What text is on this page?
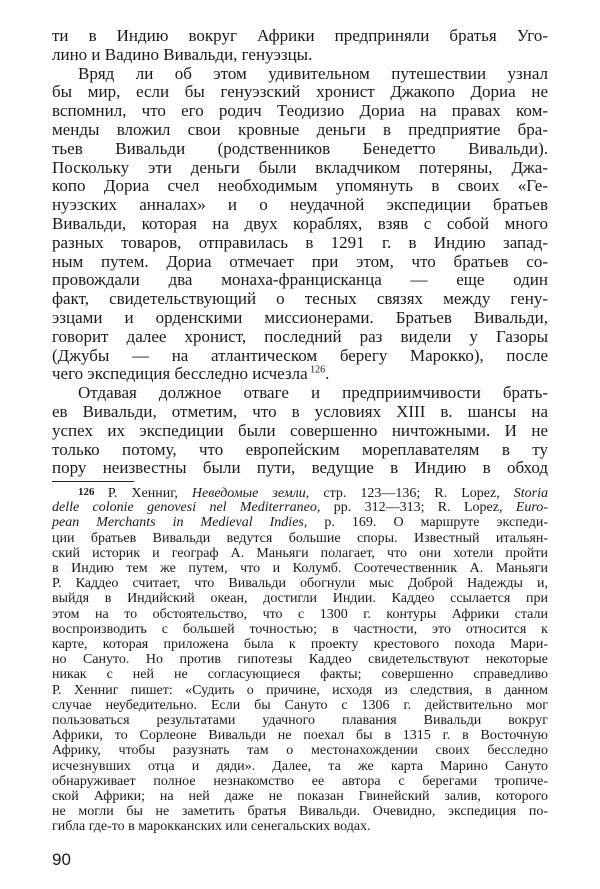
ти в Индию вокруг Африки предприняли братья Уго-
лино и Вадино Вивальди, генуэзцы.
Вряд ли об этом удивительном путешествии узнал
бы мир, если бы генуэзский хронист Джакопо Дориа не
вспомнил, что его родич Теодизио Дориа на правах ком-
менды вложил свои кровные деньги в предприятие бра-
тьев Вивальди (родственников Бенедетто Вивальди).
Поскольку эти деньги были вкладчиком потеряны, Джа-
копо Дориа счел необходимым упомянуть в своих «Ге-
нуэзских анналах» и о неудачной экспедиции братьев
Вивальди, которая на двух кораблях, взяв с собой много
разных товаров, отправилась в 1291 г. в Индию запад-
ным путем. Дориа отмечает при этом, что братьев со-
провождали два монаха-францисканца — еще один
факт, свидетельствующий о тесных связях между гену-
эзцами и орденскими миссионерами. Братьев Вивальди,
говорит далее хронист, последний раз видели у Газоры
(Джубы — на атлантическом берегу Марокко), после
чего экспедиция бесследно исчезла $^{126}$.
Отдавая должное отваге и предприимчивости брать-
ев Вивальди, отметим, что в условиях XIII в. шансы на
успех их экспедиции были совершенно ничтожными. И не
только потому, что европейским мореплавателям в ту
пору неизвестны были пути, ведущие в Индию в обход
126 Р. Хенниг, Неведомые земли, стр. 123—136; R. Lopez, Storia
delle colonie genovesi nel Mediterraneo, pp. 312—313; R. Lopez, Euro-
pean Merchants in Medieval Indies, p. 169. О маршруте экспеди-
ции братьев Вивальди ведутся большие споры. Известный итальян-
ский историк и географ А. Маньяги полагает, что они хотели пройти
в Индию тем же путем, что и Колумб. Соотечественник А. Маньяги
Р. Каддео считает, что Вивальди обогнули мыс Доброй Надежды и,
выйдя в Индийский океан, достигли Индии. Каддео ссылается при
этом на то обстоятельство, что с 1300 г. контуры Африки стали
воспроизводить с большей точностью; в частности, это относится к
карте, которая приложена была к проекту крестового похода Мари-
но Сануто. Но против гипотезы Каддео свидетельствуют некоторые
никак с ней не согласующиеся факты; совершенно справедливо
Р. Хенниг пишет: «Судить о причине, исходя из следствия, в данном
случае неубедительно. Если бы Сануто с 1306 г. действительно мог
пользоваться результатами удачного плавания Вивальди вокруг
Африки, то Сорлеоне Вивальди не поехал бы в 1315 г. в Восточную
Африку, чтобы разузнать там о местонахождении своих бесследно
исчезнувших отца и дяди». Далее, та же карта Марино Сануто
обнаруживает полное незнакомство ее автора с берегами тропиче-
ской Африки; на ней даже не показан Гвинейский залив, которого
не могли бы не заметить братья Вивальди. Очевидно, экспедиция по-
гибла где-то в марокканских или сенегальских водах.
90
